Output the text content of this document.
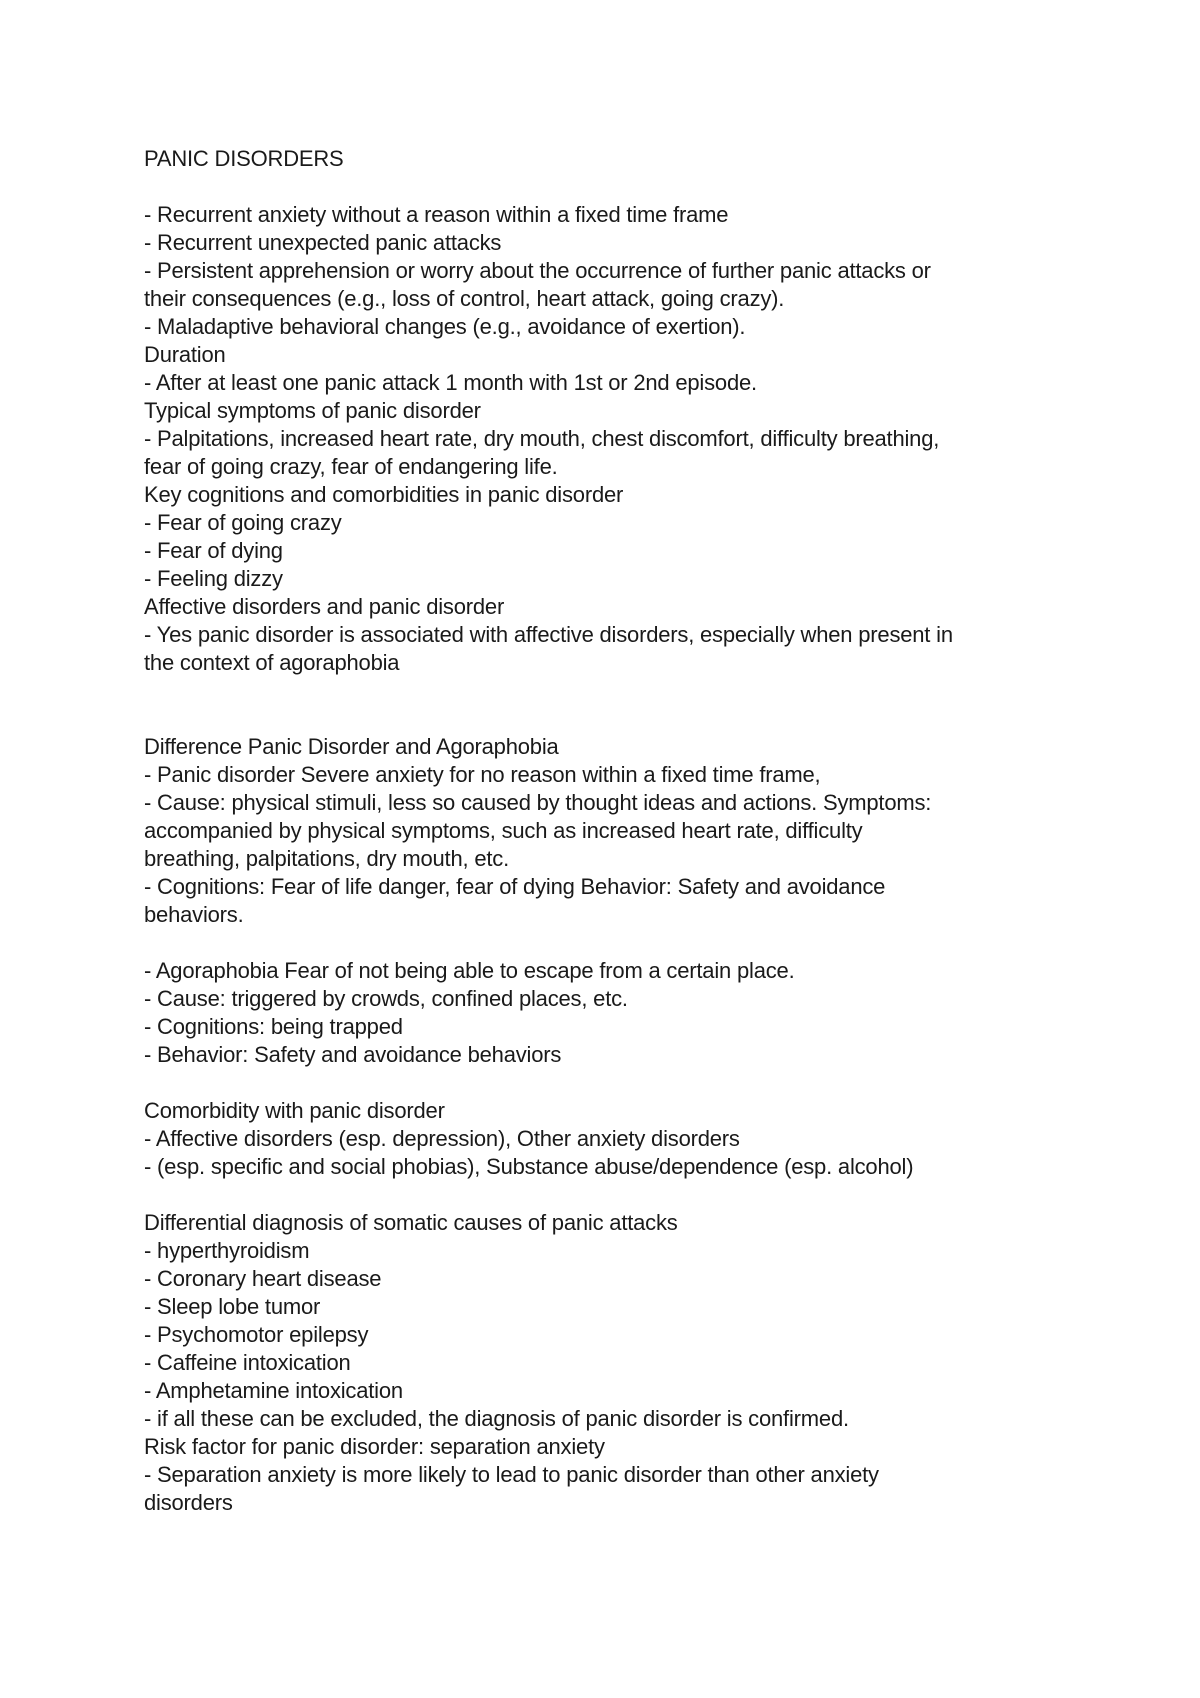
PANIC DISORDERS
- Recurrent anxiety without a reason within a fixed time frame
- Recurrent unexpected panic attacks
- Persistent apprehension or worry about the occurrence of further panic attacks or
their consequences (e.g., loss of control, heart attack, going crazy).
- Maladaptive behavioral changes (e.g., avoidance of exertion).
Duration
- After at least one panic attack 1 month with 1st or 2nd episode.
Typical symptoms of panic disorder
- Palpitations, increased heart rate, dry mouth, chest discomfort, difficulty breathing,
fear of going crazy, fear of endangering life.
Key cognitions and comorbidities in panic disorder
- Fear of going crazy
- Fear of dying
- Feeling dizzy
Affective disorders and panic disorder
- Yes panic disorder is associated with affective disorders, especially when present in
the context of agoraphobia
Difference Panic Disorder and Agoraphobia
- Panic disorder Severe anxiety for no reason within a fixed time frame,
- Cause: physical stimuli, less so caused by thought ideas and actions. Symptoms:
accompanied by physical symptoms, such as increased heart rate, difficulty
breathing, palpitations, dry mouth, etc.
- Cognitions: Fear of life danger, fear of dying Behavior: Safety and avoidance
behaviors.
- Agoraphobia Fear of not being able to escape from a certain place.
- Cause: triggered by crowds, confined places, etc.
- Cognitions: being trapped
- Behavior: Safety and avoidance behaviors
Comorbidity with panic disorder
- Affective disorders (esp. depression), Other anxiety disorders
- (esp. specific and social phobias), Substance abuse/dependence (esp. alcohol)
Differential diagnosis of somatic causes of panic attacks
- hyperthyroidism
- Coronary heart disease
- Sleep lobe tumor
- Psychomotor epilepsy
- Caffeine intoxication
- Amphetamine intoxication
- if all these can be excluded, the diagnosis of panic disorder is confirmed.
Risk factor for panic disorder: separation anxiety
- Separation anxiety is more likely to lead to panic disorder than other anxiety
disorders
